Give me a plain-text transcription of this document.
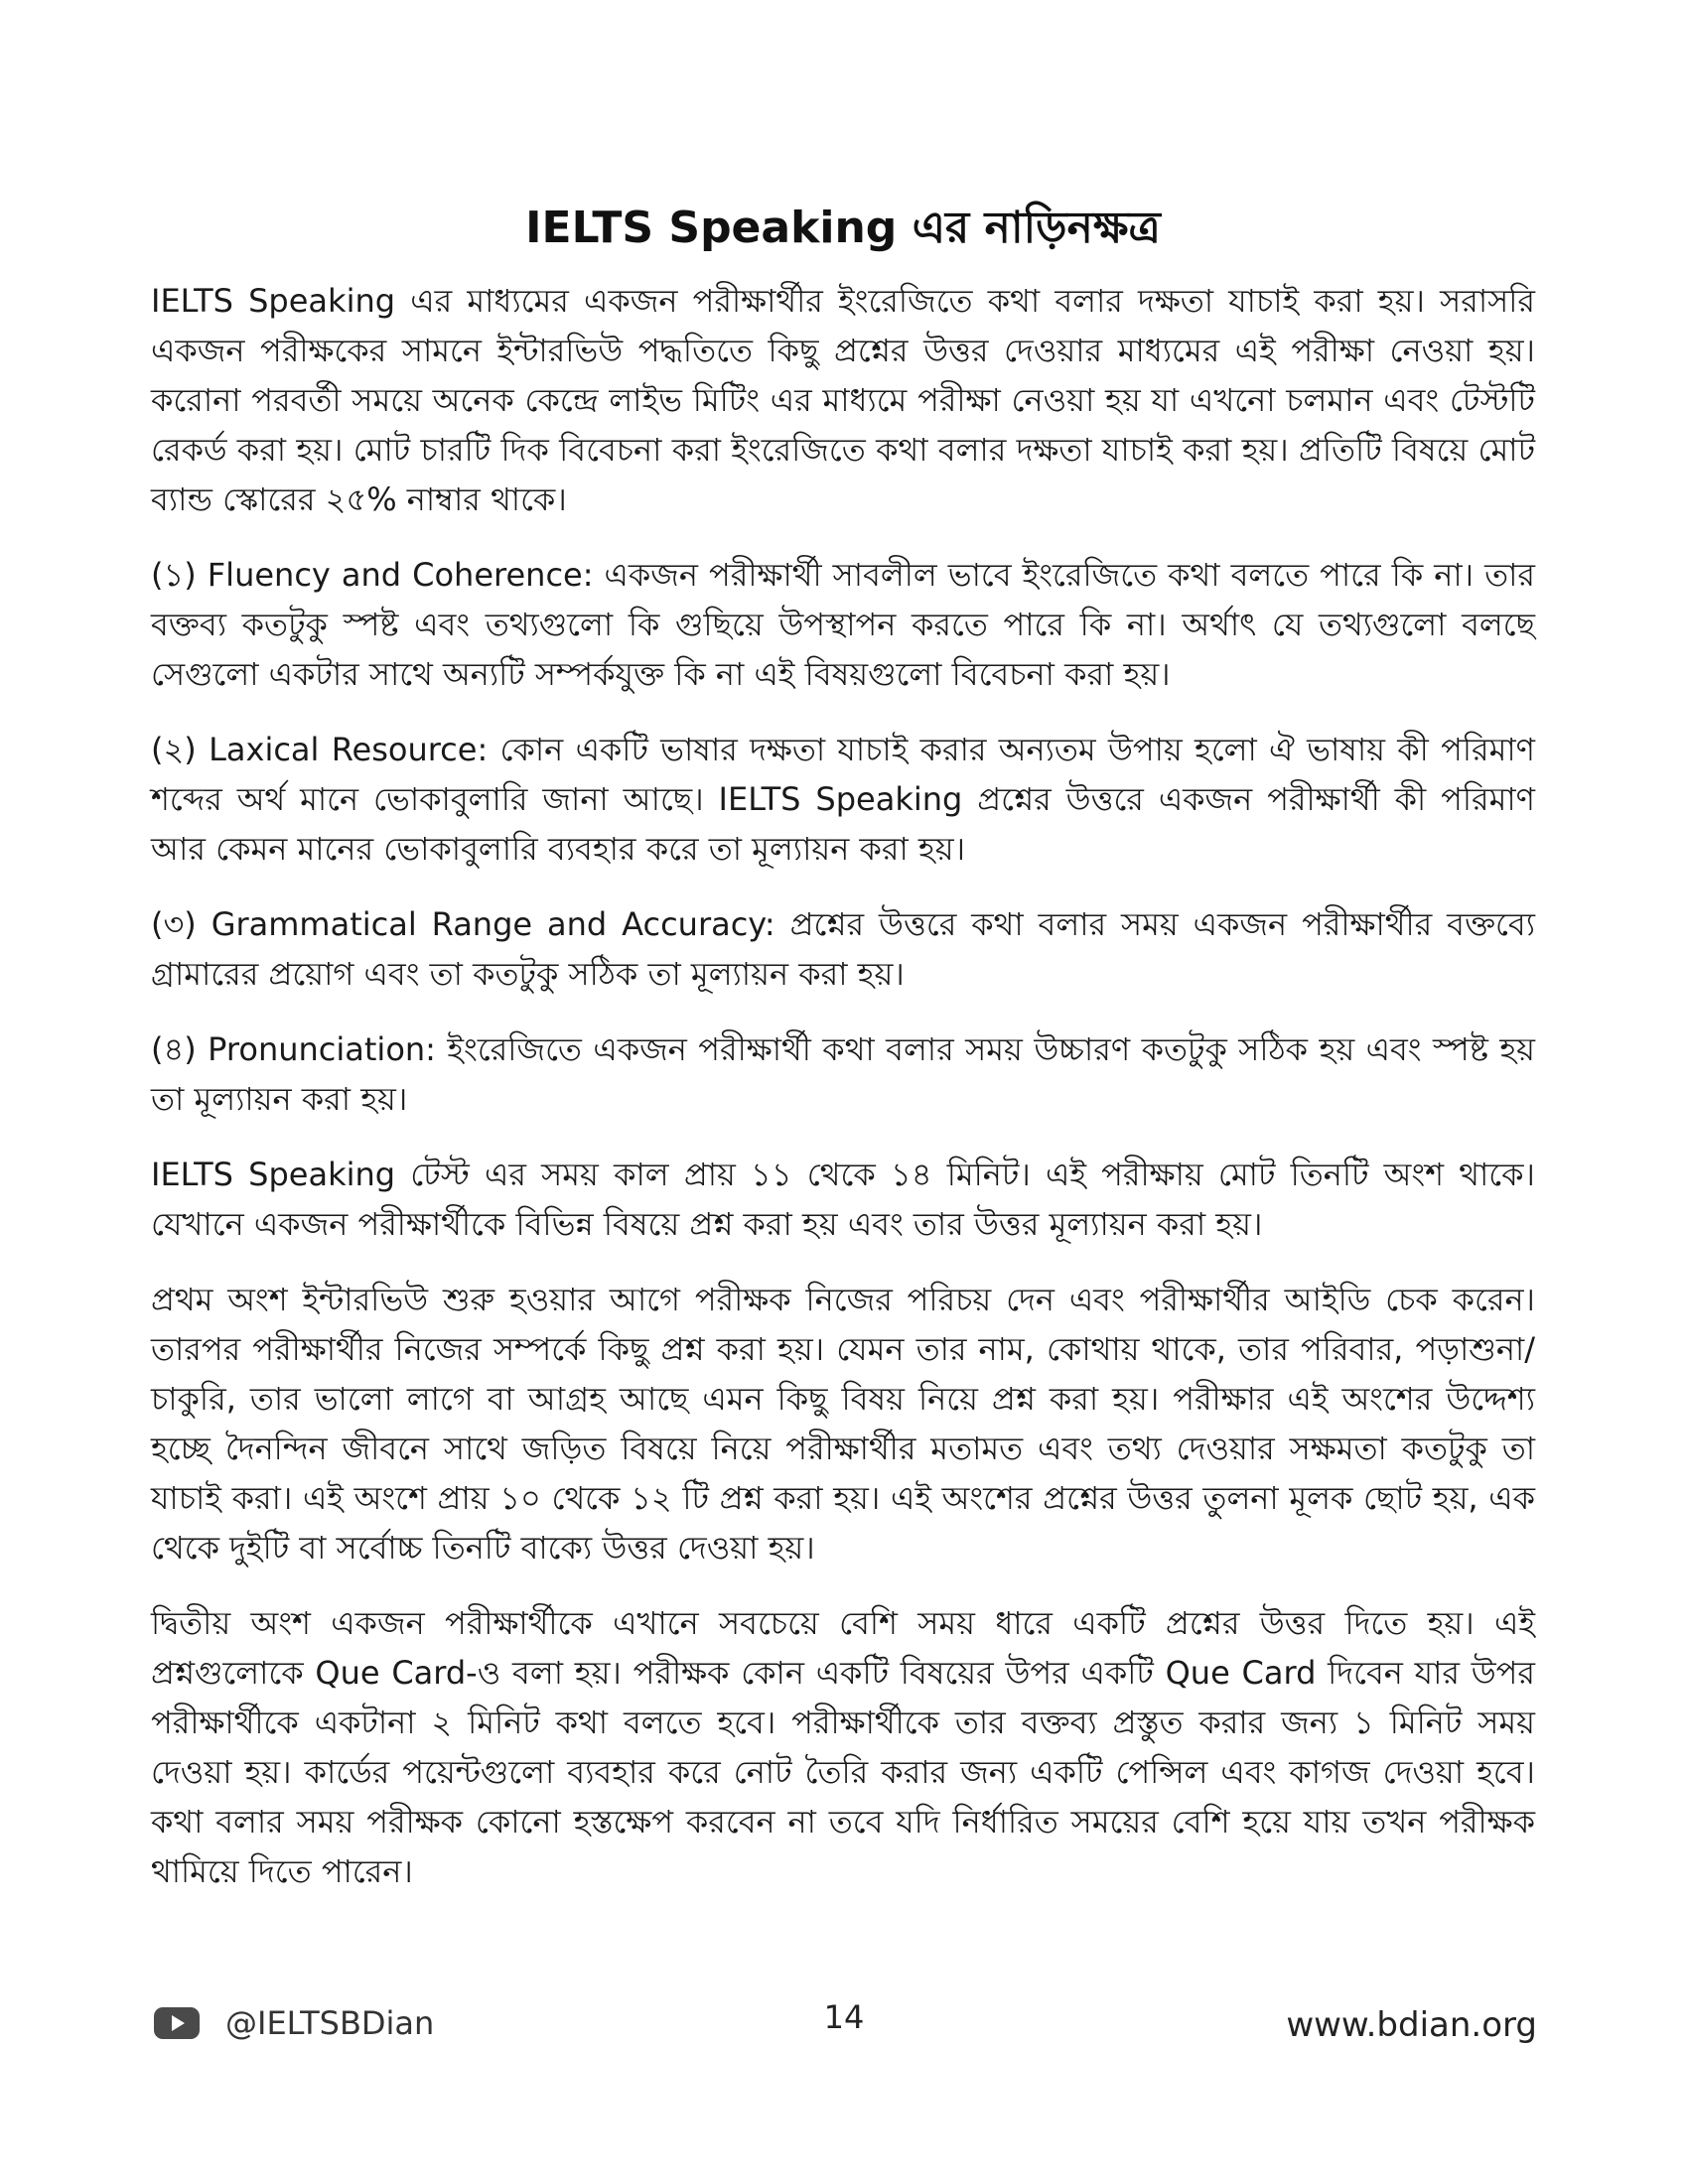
IELTS Speaking এর নাড়িনক্ষত্র

IELTS Speaking এর মাধ্যমের একজন পরীক্ষার্থীর ইংরেজিতে কথা বলার দক্ষতা যাচাই করা হয়। সরাসরি একজন পরীক্ষকের সামনে ইন্টারভিউ পদ্ধতিতে কিছু প্রশ্নের উত্তর দেওয়ার মাধ্যমের এই পরীক্ষা নেওয়া হয়। করোনা পরবর্তী সময়ে অনেক কেন্দ্রে লাইভ মিটিং এর মাধ্যমে পরীক্ষা নেওয়া হয় যা এখনো চলমান এবং টেস্টটি রেকর্ড করা হয়। মোট চারটি দিক বিবেচনা করা ইংরেজিতে কথা বলার দক্ষতা যাচাই করা হয়। প্রতিটি বিষয়ে মোট ব্যান্ড স্কোরের ২৫% নাম্বার থাকে।

(১) Fluency and Coherence: একজন পরীক্ষার্থী সাবলীল ভাবে ইংরেজিতে কথা বলতে পারে কি না। তার বক্তব্য কতটুকু স্পষ্ট এবং তথ্যগুলো কি গুছিয়ে উপস্থাপন করতে পারে কি না। অর্থাৎ যে তথ্যগুলো বলছে সেগুলো একটার সাথে অন্যটি সম্পর্কযুক্ত কি না এই বিষয়গুলো বিবেচনা করা হয়।

(২) Laxical Resource: কোন একটি ভাষার দক্ষতা যাচাই করার অন্যতম উপায় হলো ঐ ভাষায় কী পরিমাণ শব্দের অর্থ মানে ভোকাবুলারি জানা আছে। IELTS Speaking প্রশ্নের উত্তরে একজন পরীক্ষার্থী কী পরিমাণ আর কেমন মানের ভোকাবুলারি ব্যবহার করে তা মূল্যায়ন করা হয়।

(৩) Grammatical Range and Accuracy: প্রশ্নের উত্তরে কথা বলার সময় একজন পরীক্ষার্থীর বক্তব্যে গ্রামারের প্রয়োগ এবং তা কতটুকু সঠিক তা মূল্যায়ন করা হয়।

(৪) Pronunciation: ইংরেজিতে একজন পরীক্ষার্থী কথা বলার সময় উচ্চারণ কতটুকু সঠিক হয় এবং স্পষ্ট হয় তা মূল্যায়ন করা হয়।

IELTS Speaking টেস্ট এর সময় কাল প্রায় ১১ থেকে ১৪ মিনিট। এই পরীক্ষায় মোট তিনটি অংশ থাকে। যেখানে একজন পরীক্ষার্থীকে বিভিন্ন বিষয়ে প্রশ্ন করা হয় এবং তার উত্তর মূল্যায়ন করা হয়।

প্রথম অংশ ইন্টারভিউ শুরু হওয়ার আগে পরীক্ষক নিজের পরিচয় দেন এবং পরীক্ষার্থীর আইডি চেক করেন। তারপর পরীক্ষার্থীর নিজের সম্পর্কে কিছু প্রশ্ন করা হয়। যেমন তার নাম, কোথায় থাকে, তার পরিবার, পড়াশুনা/চাকুরি, তার ভালো লাগে বা আগ্রহ আছে এমন কিছু বিষয় নিয়ে প্রশ্ন করা হয়। পরীক্ষার এই অংশের উদ্দেশ্য হচ্ছে দৈনন্দিন জীবনে সাথে জড়িত বিষয়ে নিয়ে পরীক্ষার্থীর মতামত এবং তথ্য দেওয়ার সক্ষমতা কতটুকু তা যাচাই করা। এই অংশে প্রায় ১০ থেকে ১২ টি প্রশ্ন করা হয়। এই অংশের প্রশ্নের উত্তর তুলনা মূলক ছোট হয়, এক থেকে দুইটি বা সর্বোচ্চ তিনটি বাক্যে উত্তর দেওয়া হয়।

দ্বিতীয় অংশ একজন পরীক্ষার্থীকে এখানে সবচেয়ে বেশি সময় ধারে একটি প্রশ্নের উত্তর দিতে হয়। এই প্রশ্নগুলোকে Que Card-ও বলা হয়। পরীক্ষক কোন একটি বিষয়ের উপর একটি Que Card দিবেন যার উপর পরীক্ষার্থীকে একটানা ২ মিনিট কথা বলতে হবে। পরীক্ষার্থীকে তার বক্তব্য প্রস্তুত করার জন্য ১ মিনিট সময় দেওয়া হয়। কার্ডের পয়েন্টগুলো ব্যবহার করে নোট তৈরি করার জন্য একটি পেন্সিল এবং কাগজ দেওয়া হবে। কথা বলার সময় পরীক্ষক কোনো হস্তক্ষেপ করবেন না তবে যদি নির্ধারিত সময়ের বেশি হয়ে যায় তখন পরীক্ষক থামিয়ে দিতে পারেন।

@IELTSBDian	14	www.bdian.org
